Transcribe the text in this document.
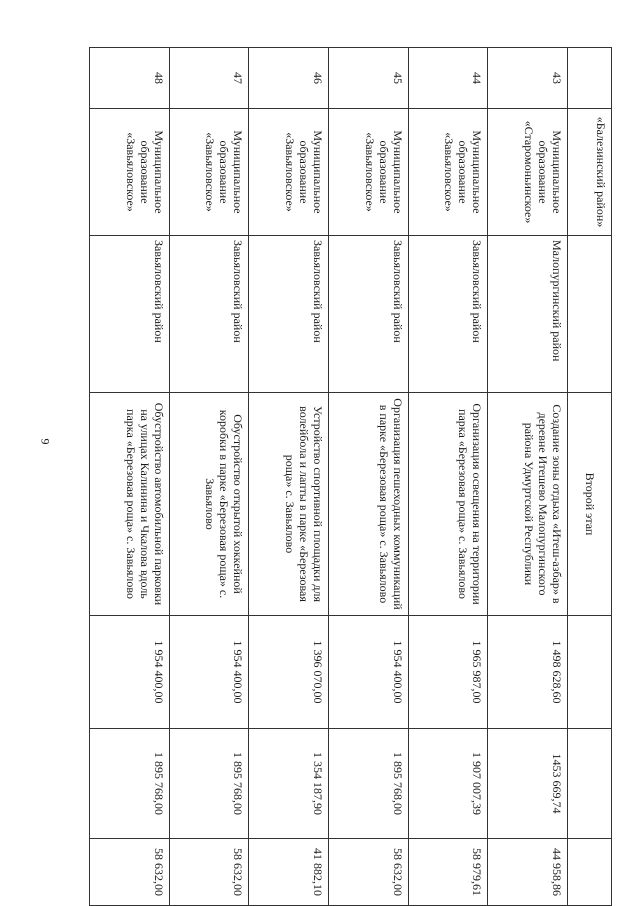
9
	«Балезинский район»		Второй этап			
43	Муниципальное образование «Старомоньинское»	Малопургинский район	Создание зоны отдыха «Итеш-азбар» в деревне Итешево Малопургинского района Удмуртской Республики	1 498 628,60	1453 669,74	44 958,86
44	Муниципальное образование «Завьяловское»	Завьяловский район	Организация освещения на территории парка «Березовая роща» с. Завьялово	1 965 987,00	1 907 007,39	58 979,61
45	Муниципальное образование «Завьяловское»	Завьяловский район	Организация пешеходных коммуникаций в парке «Березовая роща» с. Завьялово	1 954 400,00	1 895 768,00	58 632,00
46	Муниципальное образование «Завьяловское»	Завьяловский район	Устройство спортивной площадки для волейбола и лапты в парке «Березовая роща» с. Завьялово	1 396 070,00	1 354 187,90	41 882,10
47	Муниципальное образование «Завьяловское»	Завьяловский район	Обустройство открытой хоккейной коробки в парке «Березовая роща» с. Завьялово	1 954 400,00	1 895 768,00	58 632,00
48	Муниципальное образование «Завьяловское»	Завьяловский район	Обустройство автомобильной парковки на улицах Калинина и Чкалова вдоль парка «Березовая роща» с. Завьялово	1 954 400,00	1 895 768,00	58 632,00
